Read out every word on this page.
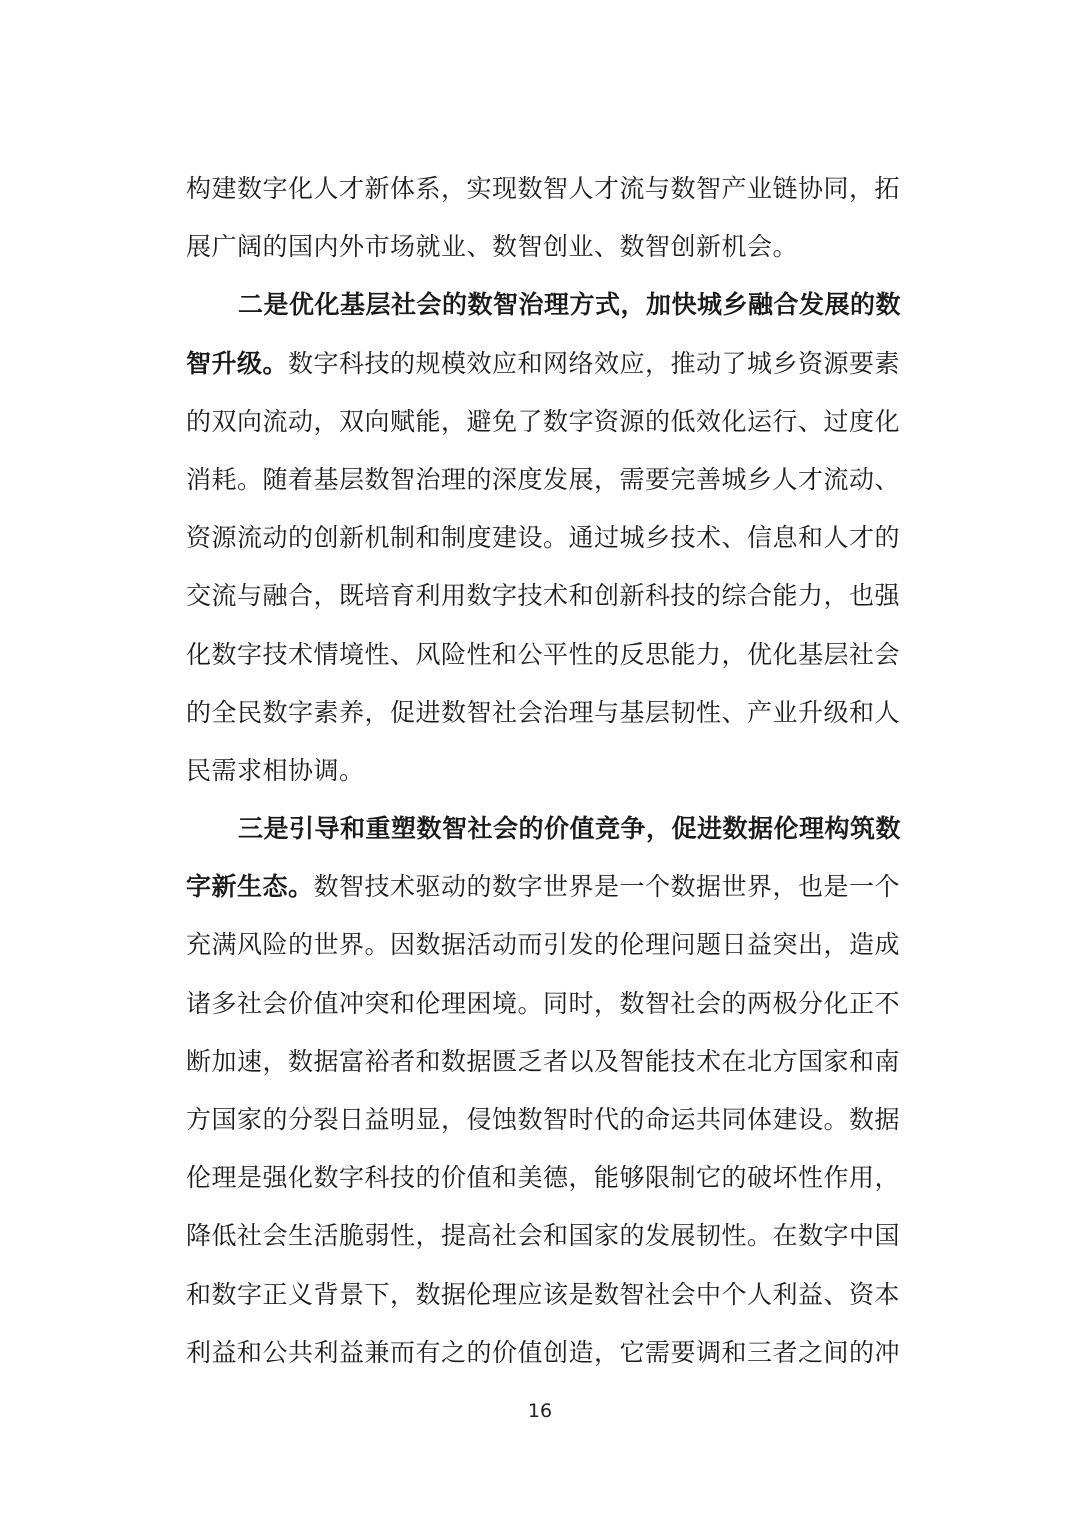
构建数字化人才新体系，实现数智人才流与数智产业链协同，拓
展广阔的国内外市场就业、数智创业、数智创新机会。
二是优化基层社会的数智治理方式，加快城乡融合发展的数
智升级。数字科技的规模效应和网络效应，推动了城乡资源要素
的双向流动，双向赋能，避免了数字资源的低效化运行、过度化
消耗。随着基层数智治理的深度发展，需要完善城乡人才流动、
资源流动的创新机制和制度建设。通过城乡技术、信息和人才的
交流与融合，既培育利用数字技术和创新科技的综合能力，也强
化数字技术情境性、风险性和公平性的反思能力，优化基层社会
的全民数字素养，促进数智社会治理与基层韧性、产业升级和人
民需求相协调。
三是引导和重塑数智社会的价值竞争，促进数据伦理构筑数
字新生态。数智技术驱动的数字世界是一个数据世界，也是一个
充满风险的世界。因数据活动而引发的伦理问题日益突出，造成
诸多社会价值冲突和伦理困境。同时，数智社会的两极分化正不
断加速，数据富裕者和数据匮乏者以及智能技术在北方国家和南
方国家的分裂日益明显，侵蚀数智时代的命运共同体建设。数据
伦理是强化数字科技的价值和美德，能够限制它的破坏性作用，
降低社会生活脆弱性，提高社会和国家的发展韧性。在数字中国
和数字正义背景下，数据伦理应该是数智社会中个人利益、资本
利益和公共利益兼而有之的价值创造，它需要调和三者之间的冲
16
